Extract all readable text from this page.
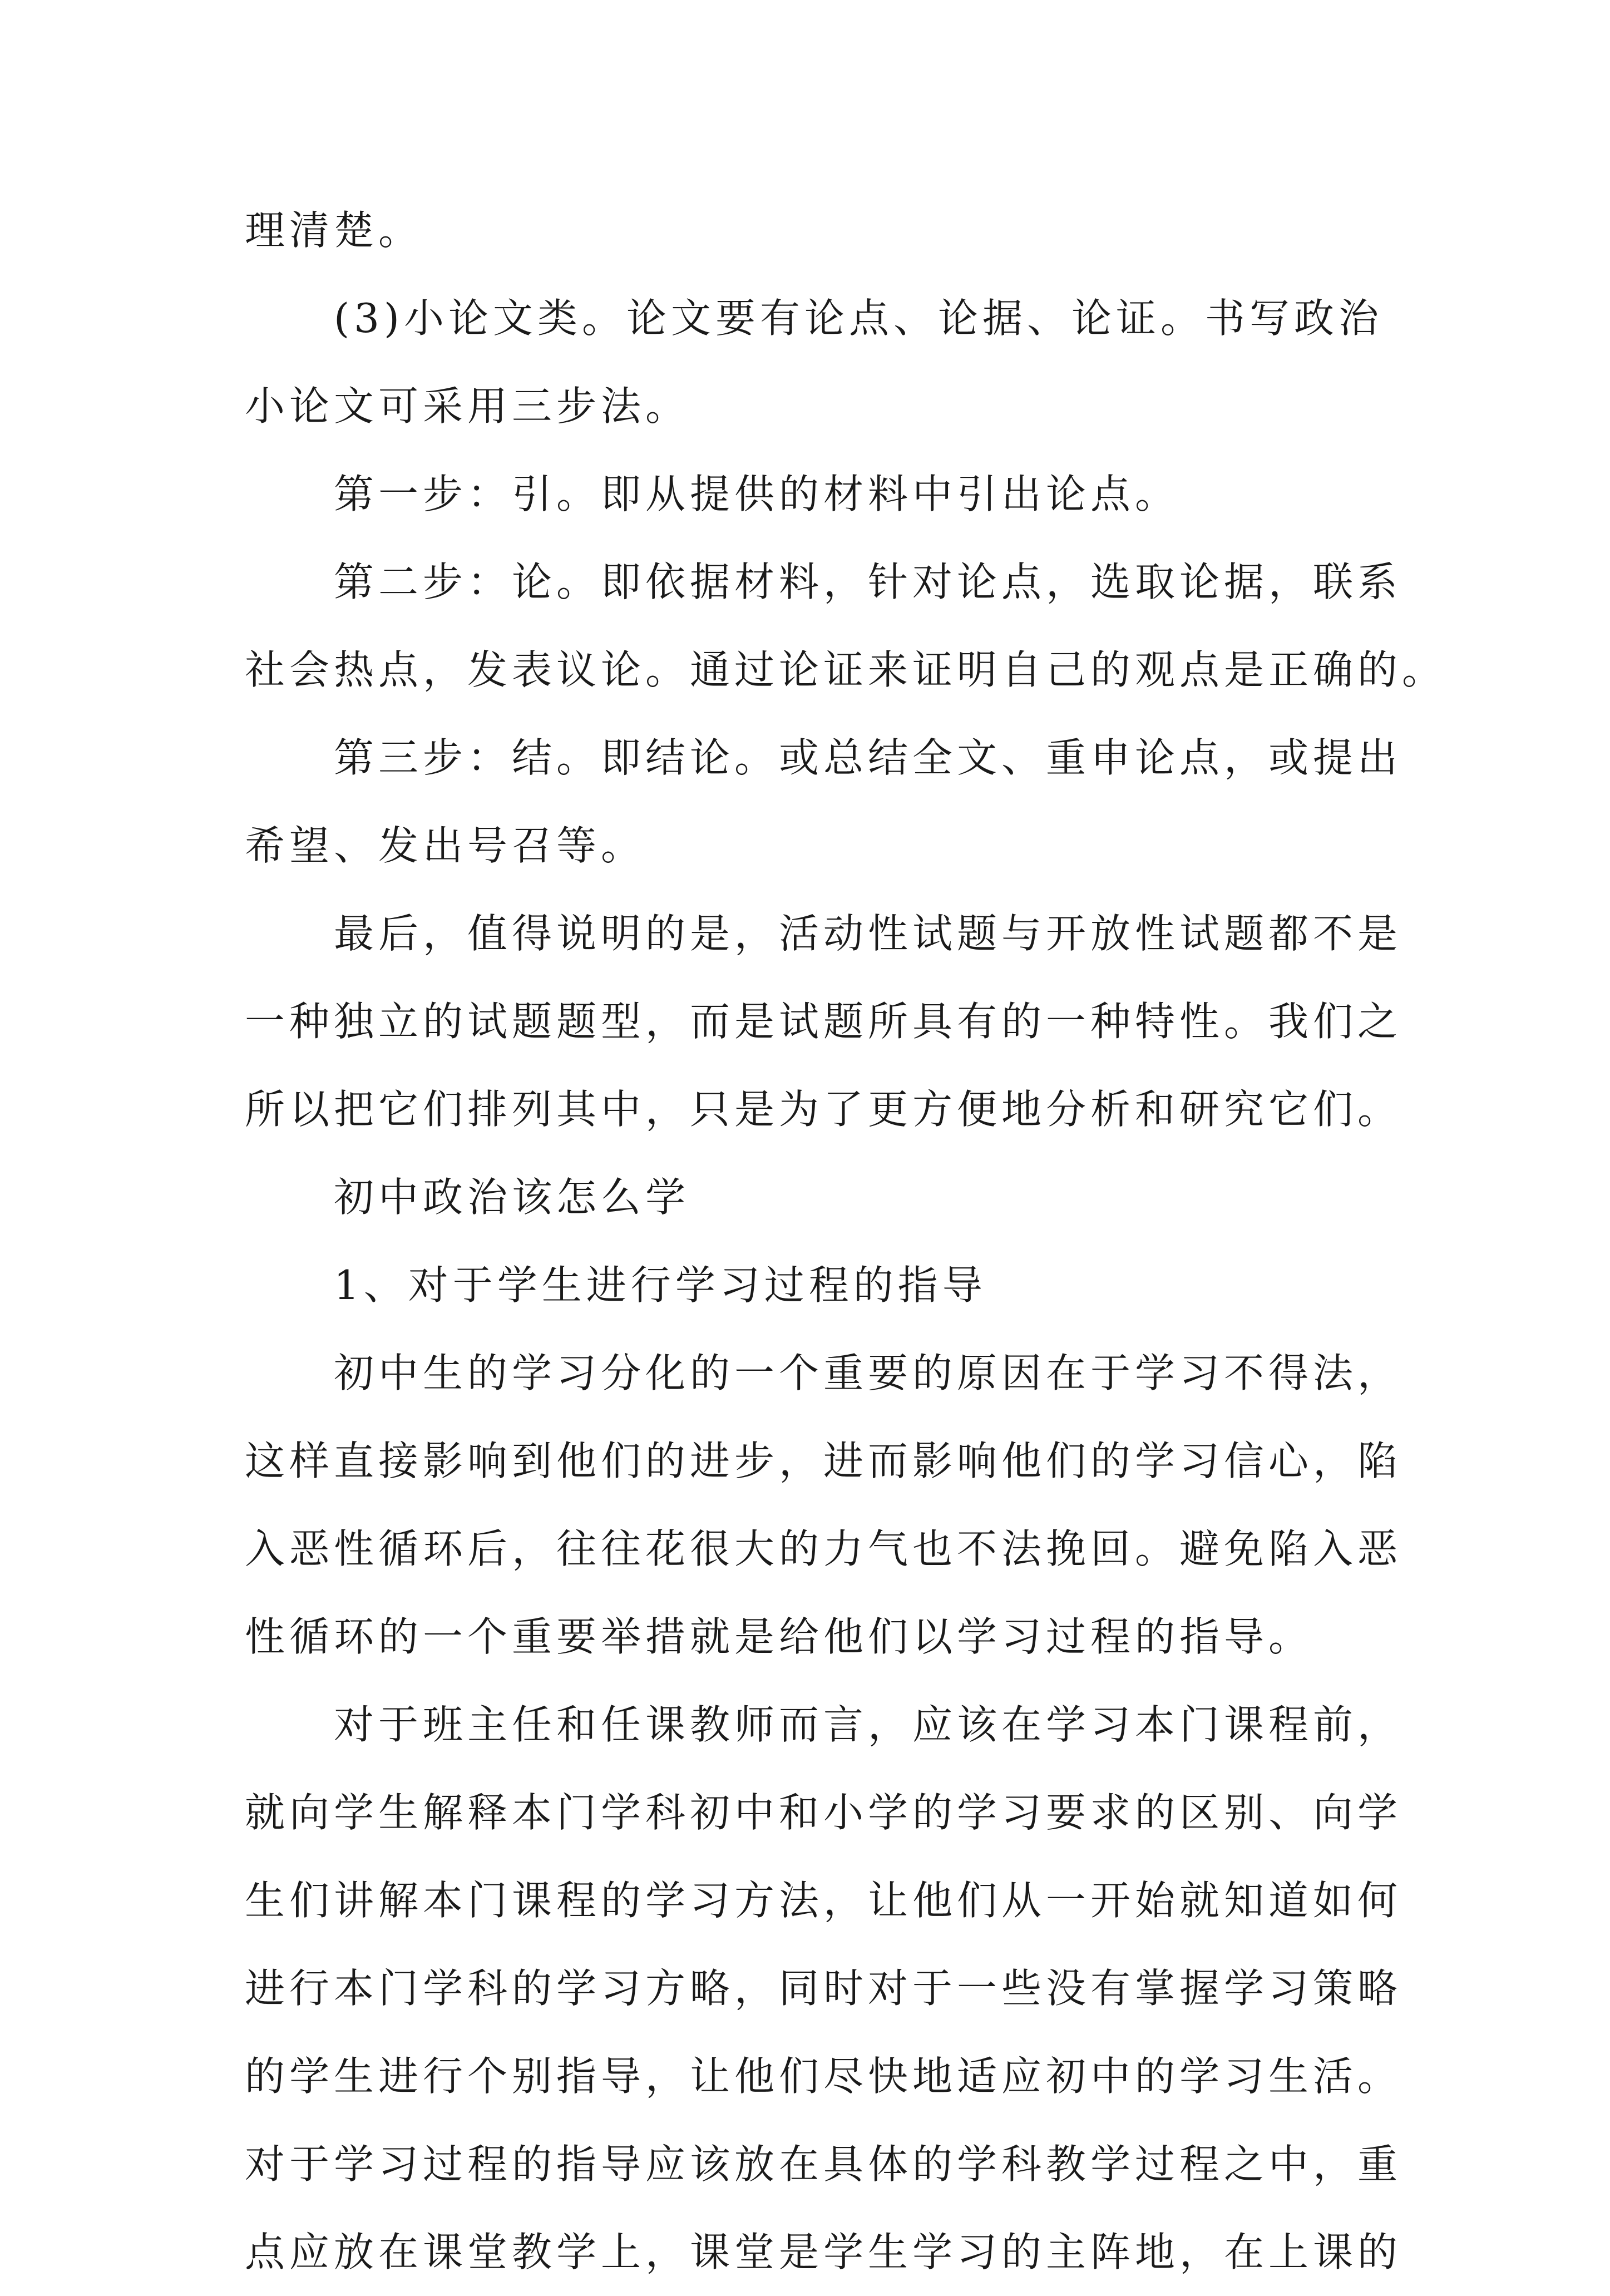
理清楚。
(3)小论文类。论文要有论点、论据、论证。书写政治
小论文可采用三步法。
第一步：引。即从提供的材料中引出论点。
第二步：论。即依据材料，针对论点，选取论据，联系
社会热点，发表议论。通过论证来证明自己的观点是正确的。
第三步：结。即结论。或总结全文、重申论点，或提出
希望、发出号召等。
最后，值得说明的是，活动性试题与开放性试题都不是
一种独立的试题题型，而是试题所具有的一种特性。我们之
所以把它们排列其中，只是为了更方便地分析和研究它们。
初中政治该怎么学
1、对于学生进行学习过程的指导
初中生的学习分化的一个重要的原因在于学习不得法，
这样直接影响到他们的进步，进而影响他们的学习信心，陷
入恶性循环后，往往花很大的力气也不法挽回。避免陷入恶
性循环的一个重要举措就是给他们以学习过程的指导。
对于班主任和任课教师而言，应该在学习本门课程前，
就向学生解释本门学科初中和小学的学习要求的区别、向学
生们讲解本门课程的学习方法，让他们从一开始就知道如何
进行本门学科的学习方略，同时对于一些没有掌握学习策略
的学生进行个别指导，让他们尽快地适应初中的学习生活。
对于学习过程的指导应该放在具体的学科教学过程之中，重
点应放在课堂教学上，课堂是学生学习的主阵地，在上课的
